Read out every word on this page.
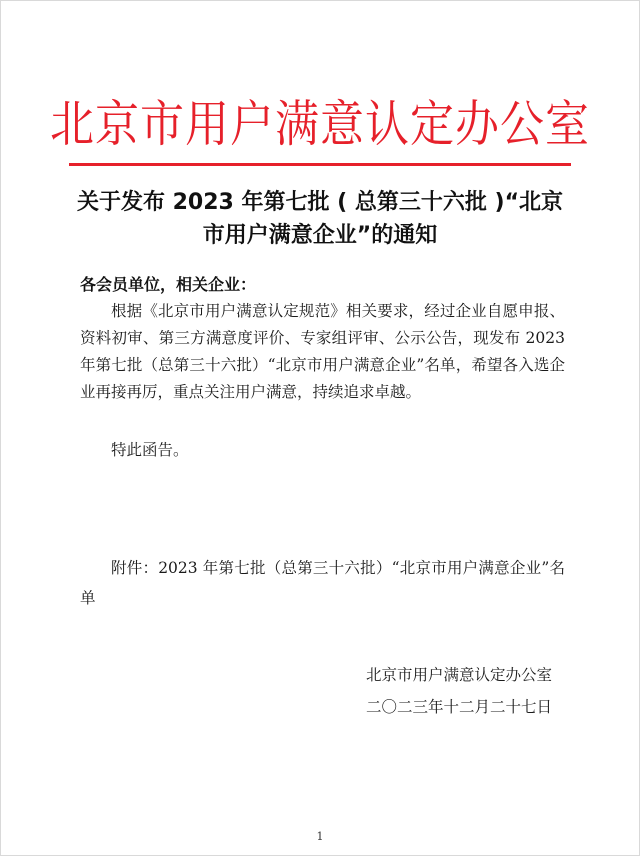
北京市用户满意认定办公室
关于发布 2023 年第七批 ( 总第三十六批 )“北京市用户满意企业”的通知
各会员单位，相关企业：
根据《北京市用户满意认定规范》相关要求，经过企业自愿申报、资料初审、第三方满意度评价、专家组评审、公示公告，现发布 2023 年第七批（总第三十六批）“北京市用户满意企业”名单，希望各入选企业再接再厉，重点关注用户满意，持续追求卓越。
特此函告。
附件：2023 年第七批（总第三十六批）“北京市用户满意企业”名单
北京市用户满意认定办公室
二〇二三年十二月二十七日
1
